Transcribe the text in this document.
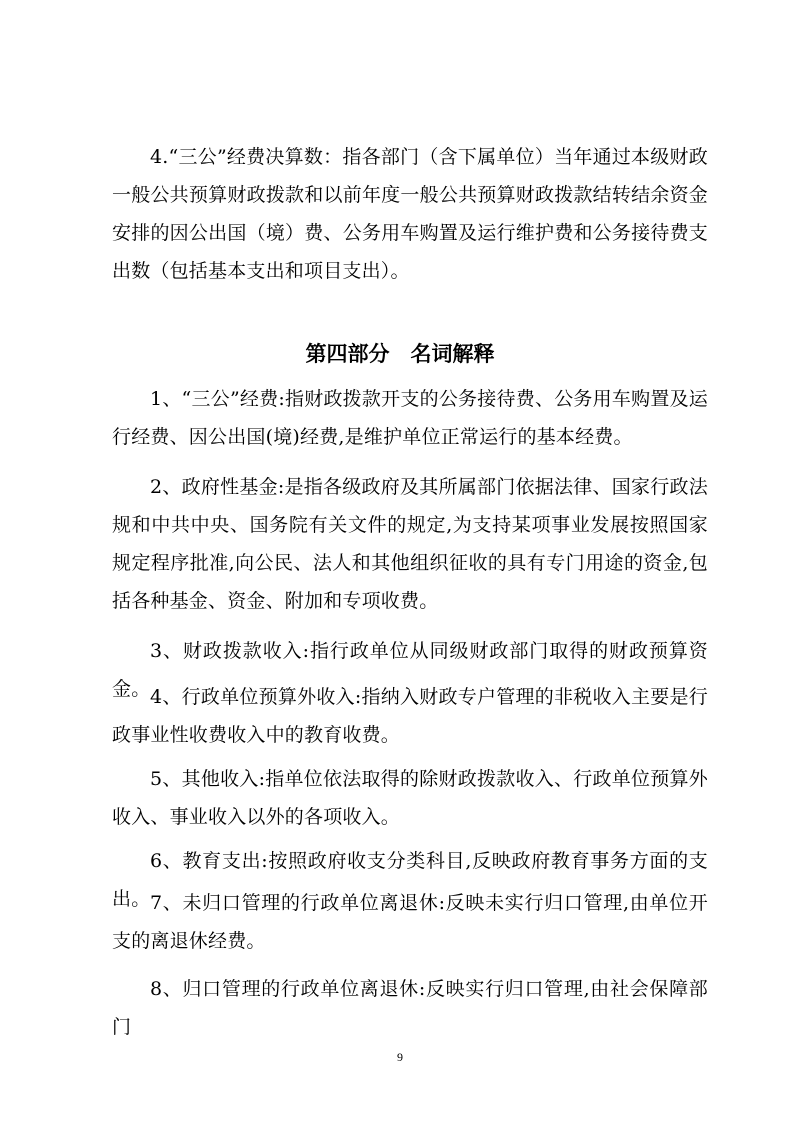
4.“三公”经费决算数：指各部门（含下属单位）当年通过本级财政一般公共预算财政拨款和以前年度一般公共预算财政拨款结转结余资金安排的因公出国（境）费、公务用车购置及运行维护费和公务接待费支出数（包括基本支出和项目支出）。

第四部分　名词解释

1、“三公”经费:指财政拨款开支的公务接待费、公务用车购置及运行经费、因公出国(境)经费,是维护单位正常运行的基本经费。

2、政府性基金:是指各级政府及其所属部门依据法律、国家行政法规和中共中央、国务院有关文件的规定,为支持某项事业发展按照国家规定程序批准,向公民、法人和其他组织征收的具有专门用途的资金,包括各种基金、资金、附加和专项收费。

3、财政拨款收入:指行政单位从同级财政部门取得的财政预算资金。 4、行政单位预算外收入:指纳入财政专户管理的非税收入主要是行政事业性收费收入中的教育收费。

5、其他收入:指单位依法取得的除财政拨款收入、行政单位预算外收入、事业收入以外的各项收入。

6、教育支出:按照政府收支分类科目,反映政府教育事务方面的支出。 7、未归口管理的行政单位离退休:反映未实行归口管理,由单位开支的离退休经费。

8、归口管理的行政单位离退休:反映实行归口管理,由社会保障部门

9
